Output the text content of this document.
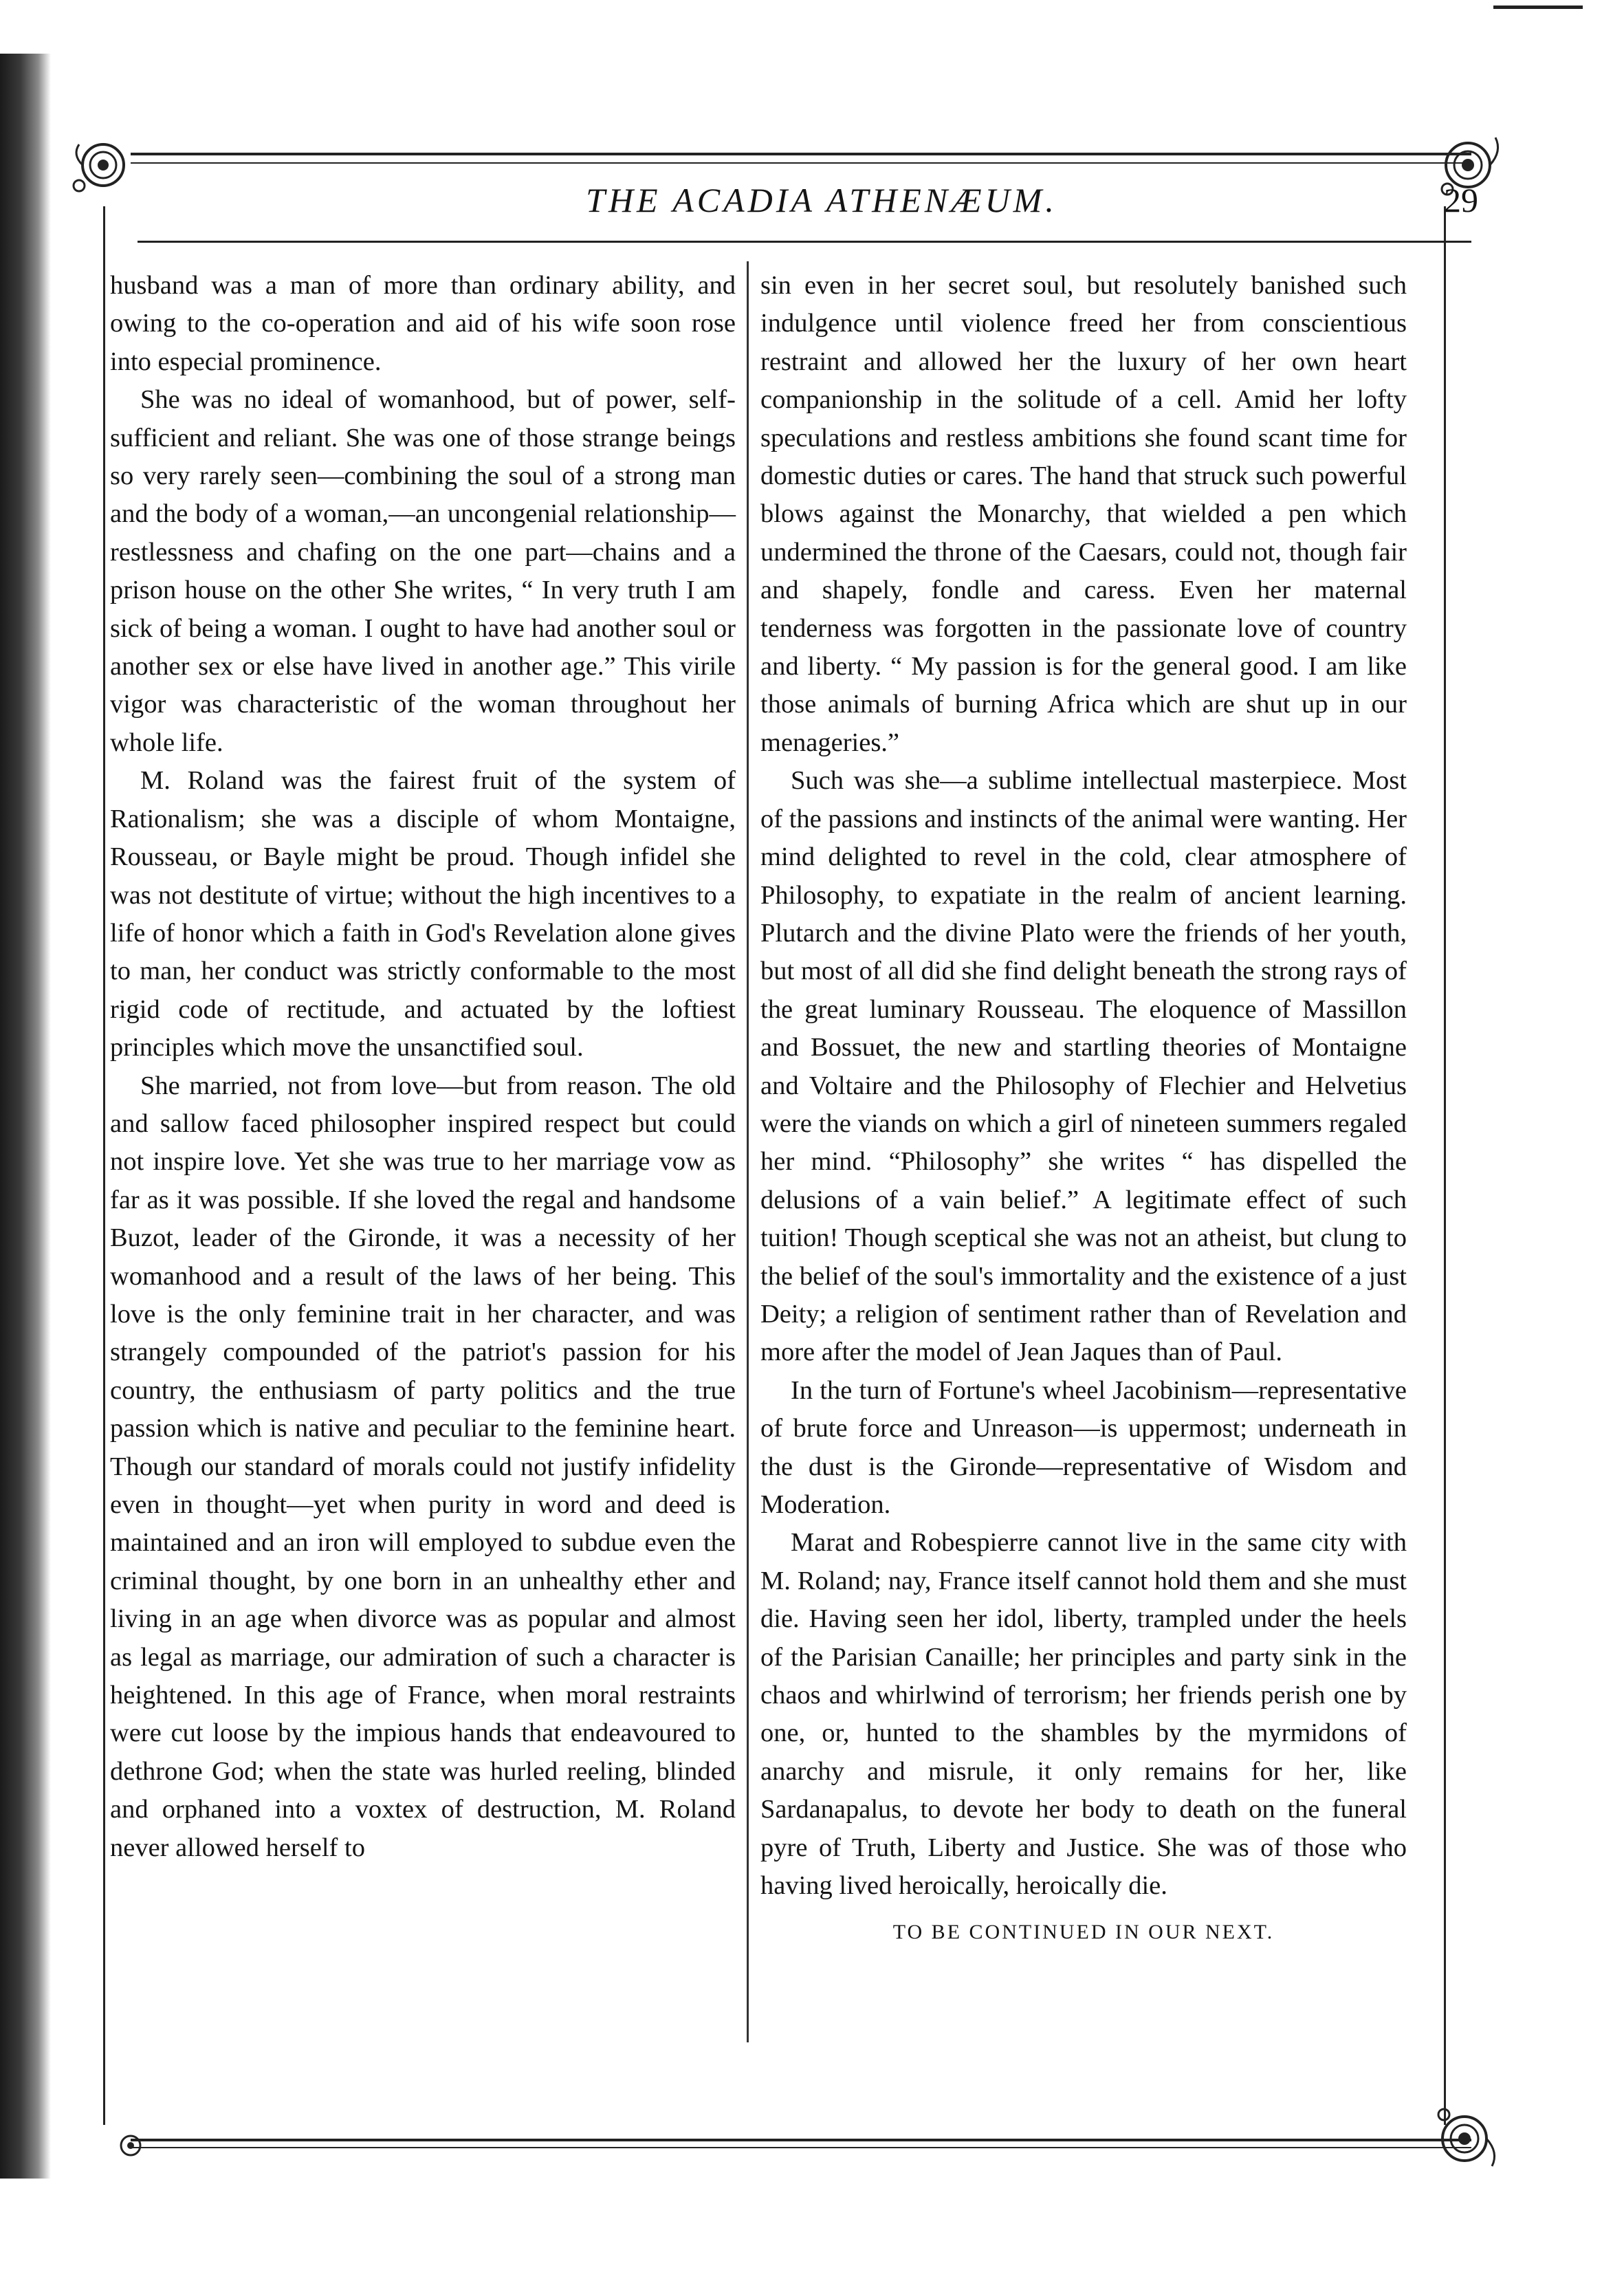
THE ACADIA ATHENÆUM.	29

husband was a man of more than ordinary ability, and owing to the co-operation and aid of his wife soon rose into especial prominence.

She was no ideal of womanhood, but of power, self-sufficient and reliant. She was one of those strange beings so very rarely seen—combining the soul of a strong man and the body of a woman,—an uncongenial relationship—restlessness and chafing on the one part—chains and a prison house on the other She writes, “ In very truth I am sick of being a woman. I ought to have had another soul or another sex or else have lived in another age.” This virile vigor was characteristic of the woman throughout her whole life.

M. Roland was the fairest fruit of the system of Rationalism; she was a disciple of whom Montaigne, Rousseau, or Bayle might be proud. Though infidel she was not destitute of virtue; without the high incentives to a life of honor which a faith in God's Revelation alone gives to man, her conduct was strictly conformable to the most rigid code of rectitude, and actuated by the loftiest principles which move the unsanctified soul.

She married, not from love—but from reason. The old and sallow faced philosopher inspired respect but could not inspire love. Yet she was true to her marriage vow as far as it was possible. If she loved the regal and handsome Buzot, leader of the Gironde, it was a necessity of her womanhood and a result of the laws of her being. This love is the only feminine trait in her character, and was strangely compounded of the patriot's passion for his country, the enthusiasm of party politics and the true passion which is native and peculiar to the feminine heart. Though our standard of morals could not justify infidelity even in thought—yet when purity in word and deed is maintained and an iron will employed to subdue even the criminal thought, by one born in an unhealthy ether and living in an age when divorce was as popular and almost as legal as marriage, our admiration of such a character is heightened. In this age of France, when moral restraints were cut loose by the impious hands that endeavoured to dethrone God; when the state was hurled reeling, blinded and orphaned into a voxtex of destruction, M. Roland never allowed herself to

sin even in her secret soul, but resolutely banished such indulgence until violence freed her from conscientious restraint and allowed her the luxury of her own heart companionship in the solitude of a cell. Amid her lofty speculations and restless ambitions she found scant time for domestic duties or cares. The hand that struck such powerful blows against the Monarchy, that wielded a pen which undermined the throne of the Caesars, could not, though fair and shapely, fondle and caress. Even her maternal tenderness was forgotten in the passionate love of country and liberty. “ My passion is for the general good. I am like those animals of burning Africa which are shut up in our menageries.”

Such was she—a sublime intellectual masterpiece. Most of the passions and instincts of the animal were wanting. Her mind delighted to revel in the cold, clear atmosphere of Philosophy, to expatiate in the realm of ancient learning. Plutarch and the divine Plato were the friends of her youth, but most of all did she find delight beneath the strong rays of the great luminary Rousseau. The eloquence of Massillon and Bossuet, the new and startling theories of Montaigne and Voltaire and the Philosophy of Flechier and Helvetius were the viands on which a girl of nineteen summers regaled her mind. “Philosophy” she writes “ has dispelled the delusions of a vain belief.” A legitimate effect of such tuition! Though sceptical she was not an atheist, but clung to the belief of the soul's immortality and the existence of a just Deity; a religion of sentiment rather than of Revelation and more after the model of Jean Jaques than of Paul.

In the turn of Fortune's wheel Jacobinism—representative of brute force and Unreason—is uppermost; underneath in the dust is the Gironde—representative of Wisdom and Moderation.

Marat and Robespierre cannot live in the same city with M. Roland; nay, France itself cannot hold them and she must die. Having seen her idol, liberty, trampled under the heels of the Parisian Canaille; her principles and party sink in the chaos and whirlwind of terrorism; her friends perish one by one, or, hunted to the shambles by the myrmidons of anarchy and misrule, it only remains for her, like Sardanapalus, to devote her body to death on the funeral pyre of Truth, Liberty and Justice. She was of those who having lived heroically, heroically die.

TO BE CONTINUED IN OUR NEXT.
